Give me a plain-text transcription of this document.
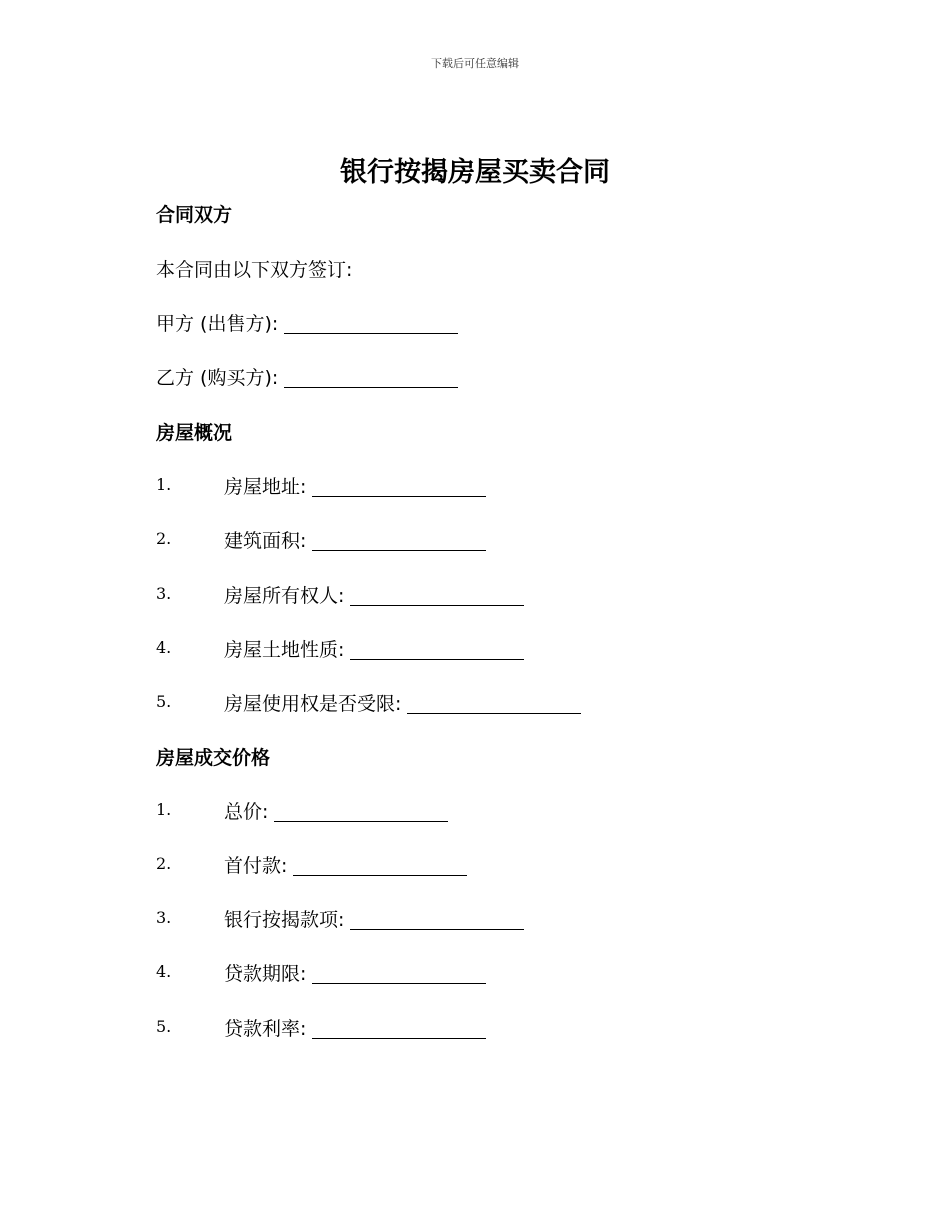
下载后可任意编辑
银行按揭房屋买卖合同
合同双方
本合同由以下双方签订:
甲方 (出售方):
乙方 (购买方):
房屋概况
1.	房屋地址:
2.	建筑面积:
3.	房屋所有权人:
4.	房屋土地性质:
5.	房屋使用权是否受限:
房屋成交价格
1.	总价:
2.	首付款:
3.	银行按揭款项:
4.	贷款期限:
5.	贷款利率:
